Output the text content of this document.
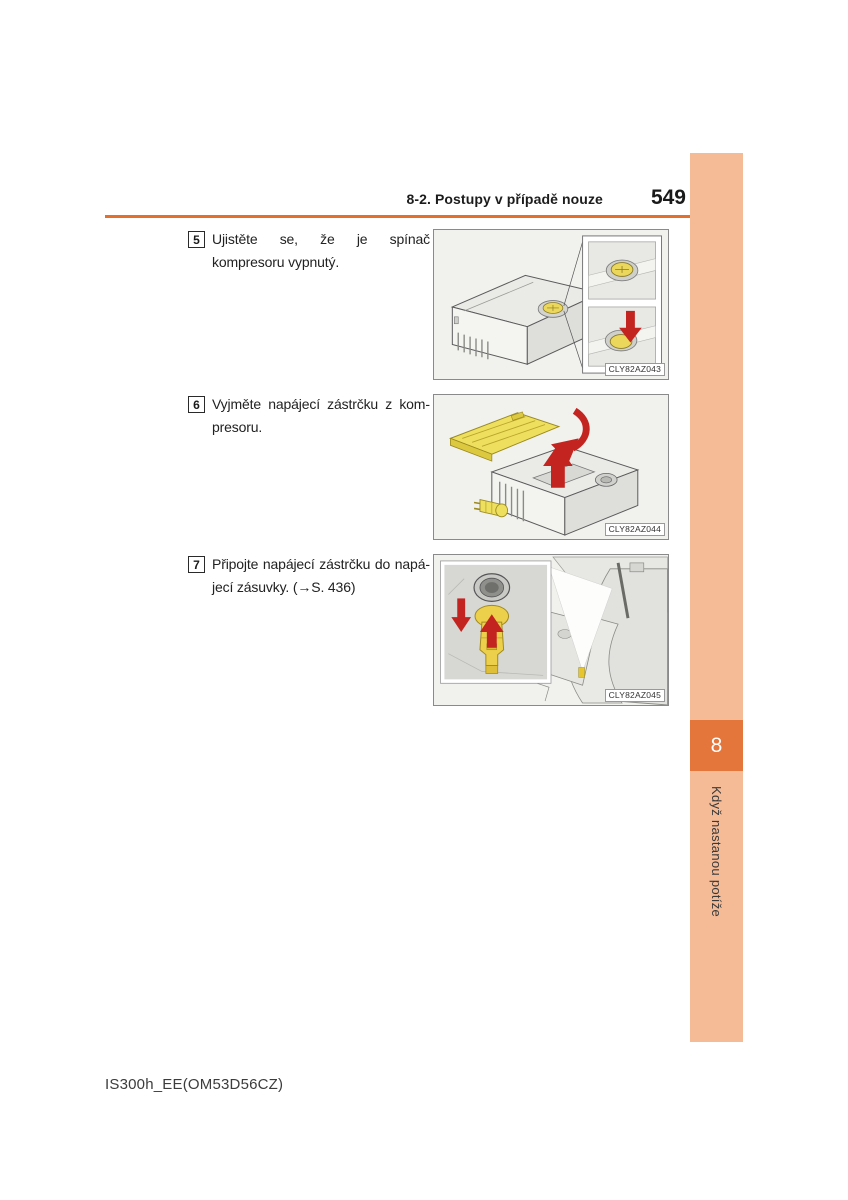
8-2. Postupy v případě nouze 549
8
Když nastanou potíže
5 Ujistěte se, že je spínač kompresoru vypnutý.
CLY82AZ043
6 Vyjměte napájecí zástrčku z kompresoru.
CLY82AZ044
7 Připojte napájecí zástrčku do napájecí zásuvky. (→S. 436)
CLY82AZ045
IS300h_EE(OM53D56CZ)
